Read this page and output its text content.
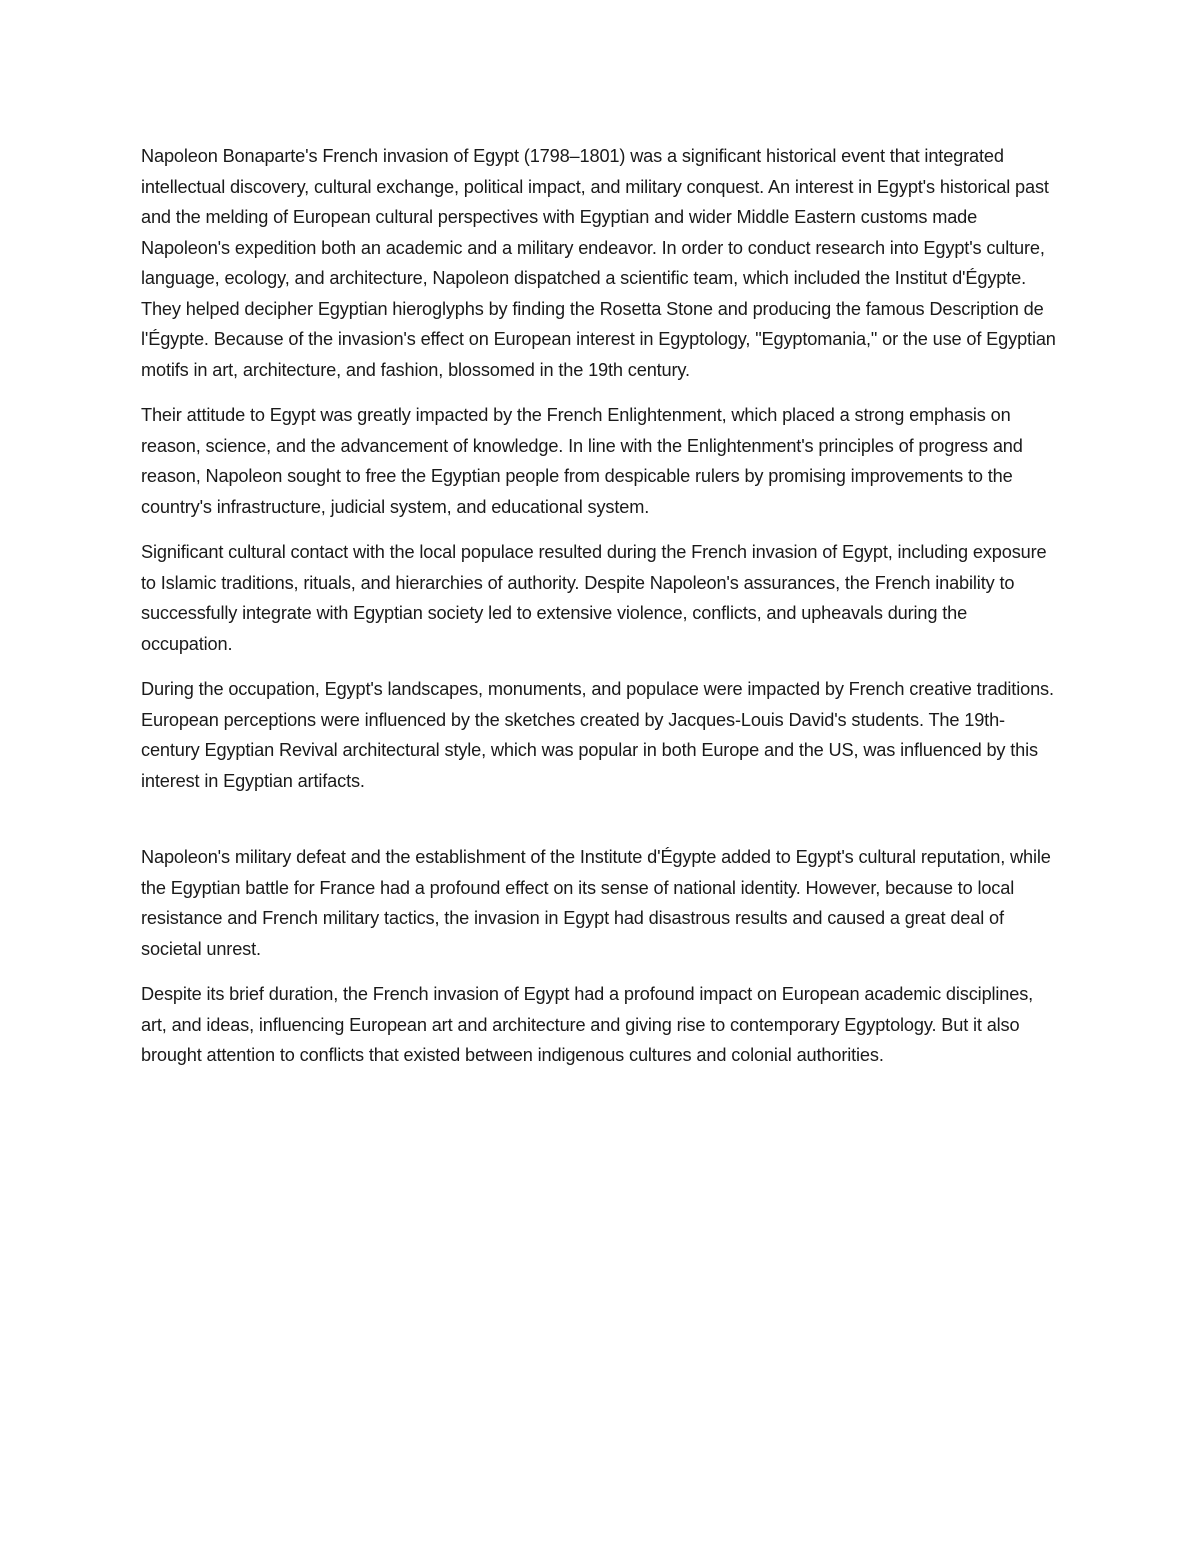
Napoleon Bonaparte's French invasion of Egypt (1798–1801) was a significant historical event that integrated intellectual discovery, cultural exchange, political impact, and military conquest. An interest in Egypt's historical past and the melding of European cultural perspectives with Egyptian and wider Middle Eastern customs made Napoleon's expedition both an academic and a military endeavor. In order to conduct research into Egypt's culture, language, ecology, and architecture, Napoleon dispatched a scientific team, which included the Institut d'Égypte. They helped decipher Egyptian hieroglyphs by finding the Rosetta Stone and producing the famous Description de l'Égypte. Because of the invasion's effect on European interest in Egyptology, "Egyptomania," or the use of Egyptian motifs in art, architecture, and fashion, blossomed in the 19th century.

Their attitude to Egypt was greatly impacted by the French Enlightenment, which placed a strong emphasis on reason, science, and the advancement of knowledge. In line with the Enlightenment's principles of progress and reason, Napoleon sought to free the Egyptian people from despicable rulers by promising improvements to the country's infrastructure, judicial system, and educational system.

Significant cultural contact with the local populace resulted during the French invasion of Egypt, including exposure to Islamic traditions, rituals, and hierarchies of authority. Despite Napoleon's assurances, the French inability to successfully integrate with Egyptian society led to extensive violence, conflicts, and upheavals during the occupation.

During the occupation, Egypt's landscapes, monuments, and populace were impacted by French creative traditions. European perceptions were influenced by the sketches created by Jacques-Louis David's students. The 19th-century Egyptian Revival architectural style, which was popular in both Europe and the US, was influenced by this interest in Egyptian artifacts.

Napoleon's military defeat and the establishment of the Institute d'Égypte added to Egypt's cultural reputation, while the Egyptian battle for France had a profound effect on its sense of national identity. However, because to local resistance and French military tactics, the invasion in Egypt had disastrous results and caused a great deal of societal unrest.

Despite its brief duration, the French invasion of Egypt had a profound impact on European academic disciplines, art, and ideas, influencing European art and architecture and giving rise to contemporary Egyptology. But it also brought attention to conflicts that existed between indigenous cultures and colonial authorities.
